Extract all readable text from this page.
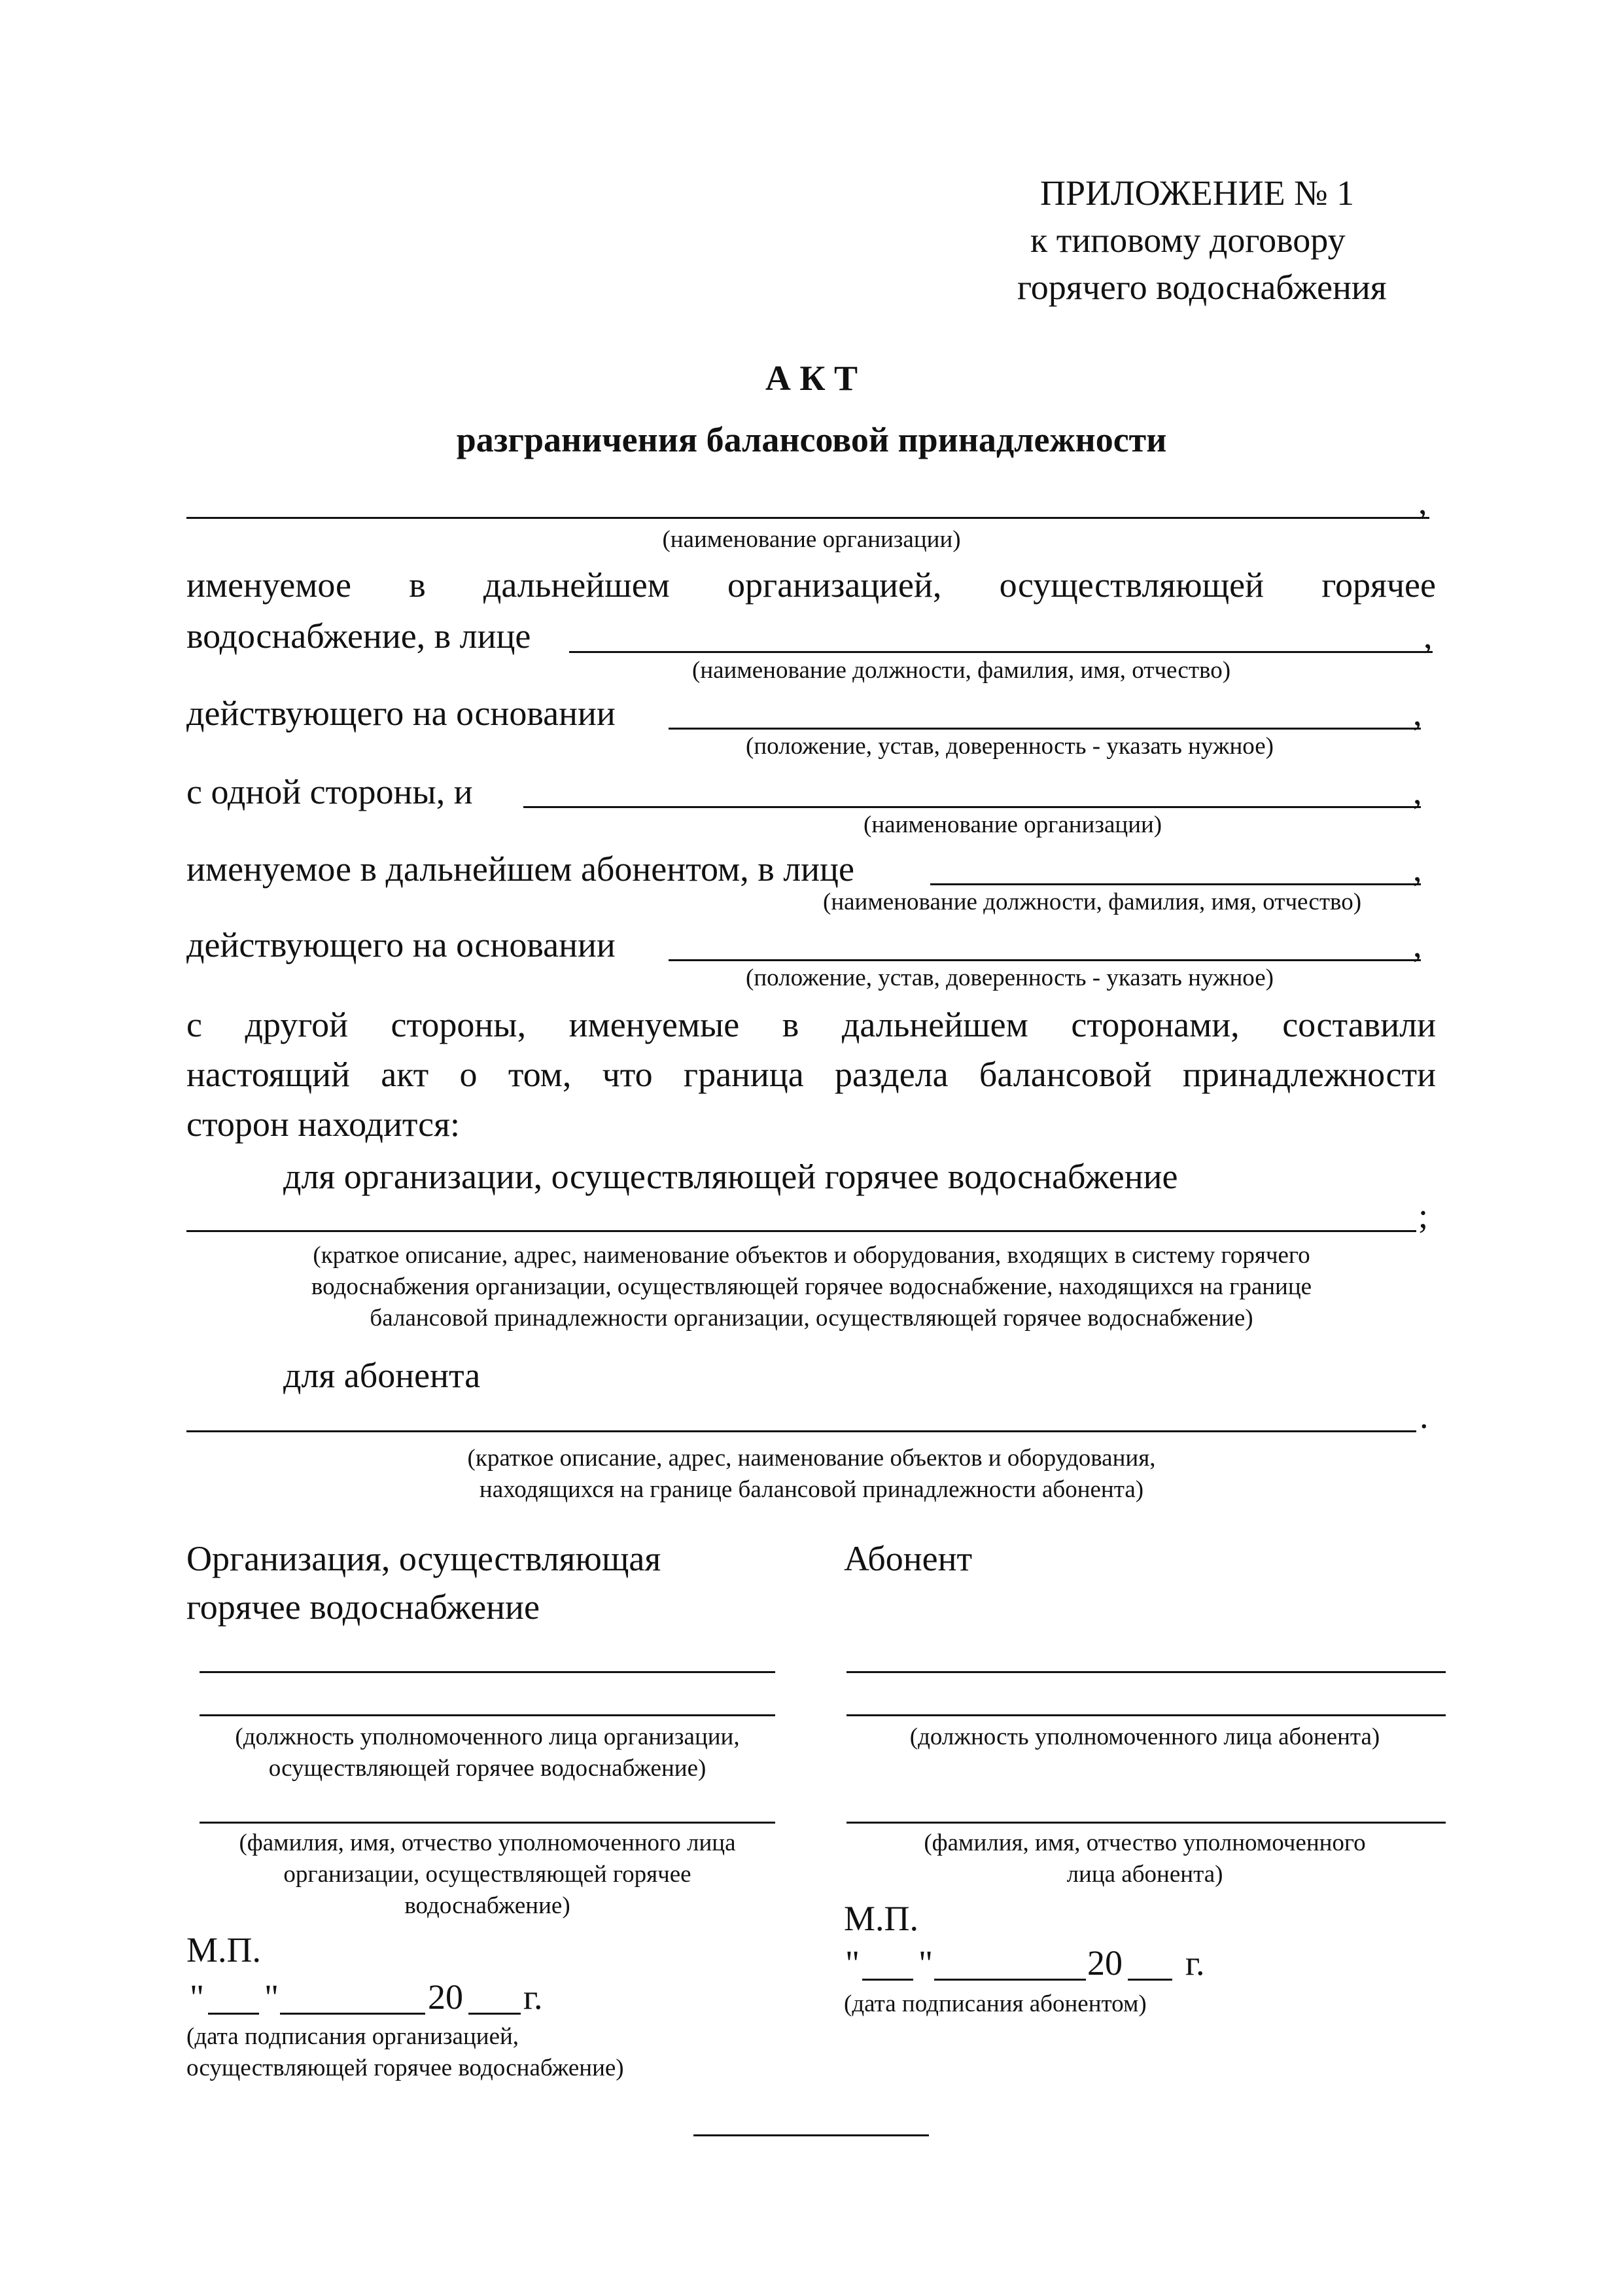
ПРИЛОЖЕНИЕ № 1
к типовому договору
горячего водоснабжения
А К Т
разграничения балансовой принадлежности
,
(наименование организации)
именуемое в дальнейшем организацией, осуществляющей горячее
водоснабжение, в лице	,
(наименование должности, фамилия, имя, отчество)
действующего на основании	,
(положение, устав, доверенность - указать нужное)
с одной стороны, и	,
(наименование организации)
именуемое в дальнейшем абонентом, в лице	,
(наименование должности, фамилия, имя, отчество)
действующего на основании	,
(положение, устав, доверенность - указать нужное)
с другой стороны, именуемые в дальнейшем сторонами, составили
настоящий акт о том, что граница раздела балансовой принадлежности
сторон находится:
для организации, осуществляющей горячее водоснабжение
;
(краткое описание, адрес, наименование объектов и оборудования, входящих в систему горячего
водоснабжения организации, осуществляющей горячее водоснабжение, находящихся на границе
балансовой принадлежности организации, осуществляющей горячее водоснабжение)
для абонента
.
(краткое описание, адрес, наименование объектов и оборудования,
находящихся на границе балансовой принадлежности абонента)
Организация, осуществляющая
горячее водоснабжение
(должность уполномоченного лица организации,
осуществляющей горячее водоснабжение)
(фамилия, имя, отчество уполномоченного лица
организации, осуществляющей горячее
водоснабжение)
М.П.
" "	20 г.
(дата подписания организацией,
осуществляющей горячее водоснабжение)
Абонент
(должность уполномоченного лица абонента)
(фамилия, имя, отчество уполномоченного
лица абонента)
М.П.
" "	20 г.
(дата подписания абонентом)
